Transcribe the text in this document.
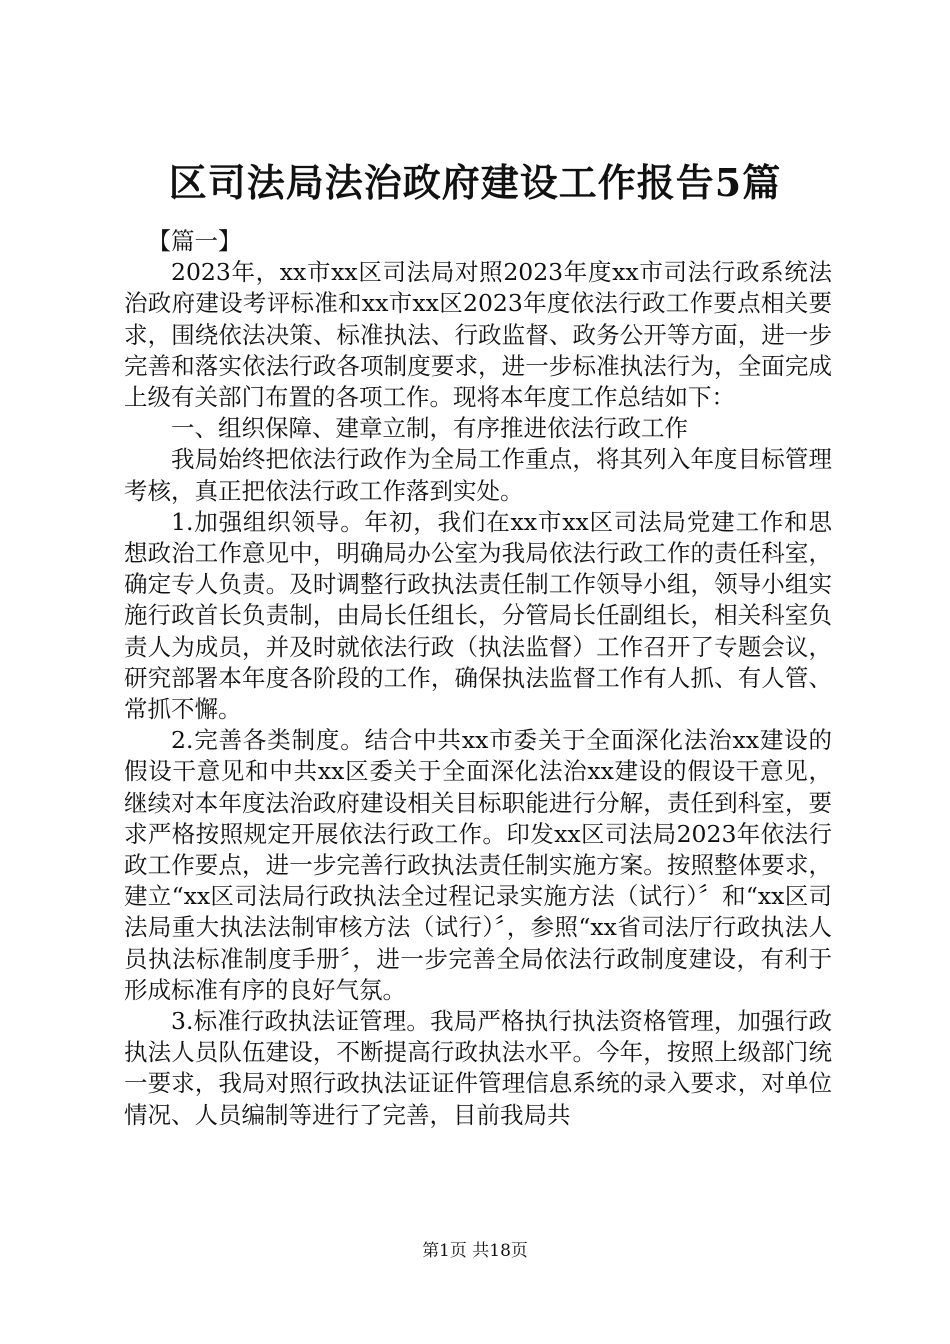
区司法局法治政府建设工作报告5篇

【篇一】

2023年，xx市xx区司法局对照2023年度xx市司法行政系统法治政府建设考评标准和xx市xx区2023年度依法行政工作要点相关要求，围绕依法决策、标准执法、行政监督、政务公开等方面，进一步完善和落实依法行政各项制度要求，进一步标准执法行为，全面完成上级有关部门布置的各项工作。现将本年度工作总结如下：

一、组织保障、建章立制，有序推进依法行政工作

我局始终把依法行政作为全局工作重点，将其列入年度目标管理考核，真正把依法行政工作落到实处。

1.加强组织领导。年初，我们在xx市xx区司法局党建工作和思想政治工作意见中，明确局办公室为我局依法行政工作的责任科室，确定专人负责。及时调整行政执法责任制工作领导小组，领导小组实施行政首长负责制，由局长任组长，分管局长任副组长，相关科室负责人为成员，并及时就依法行政（执法监督）工作召开了专题会议，研究部署本年度各阶段的工作，确保执法监督工作有人抓、有人管、常抓不懈。

2.完善各类制度。结合中共xx市委关于全面深化法治xx建设的假设干意见和中共xx区委关于全面深化法治xx建设的假设干意见，继续对本年度法治政府建设相关目标职能进行分解，责任到科室，要求严格按照规定开展依法行政工作。印发xx区司法局2023年依法行政工作要点，进一步完善行政执法责任制实施方案。按照整体要求，建立“xx区司法局行政执法全过程记录实施方法（试行）〞和“xx区司法局重大执法法制审核方法（试行）〞，参照“xx省司法厅行政执法人员执法标准制度手册〞，进一步完善全局依法行政制度建设，有利于形成标准有序的良好气氛。

3.标准行政执法证管理。我局严格执行执法资格管理，加强行政执法人员队伍建设，不断提高行政执法水平。今年，按照上级部门统一要求，我局对照行政执法证证件管理信息系统的录入要求，对单位情况、人员编制等进行了完善，目前我局共

第1页 共18页
